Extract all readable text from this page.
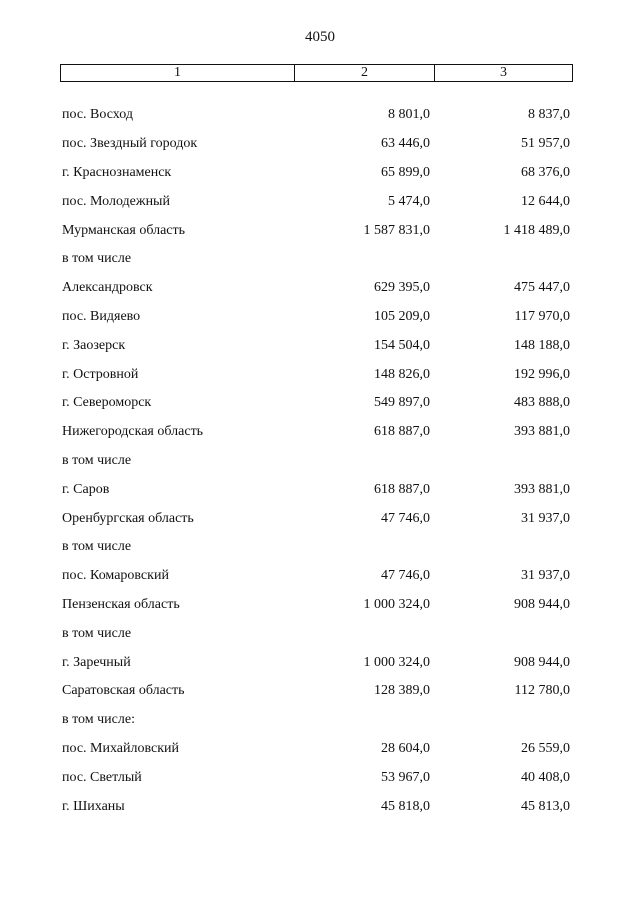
4050
1	2	3
пос. Восход	8 801,0	8 837,0
пос. Звездный городок	63 446,0	51 957,0
г. Краснознаменск	65 899,0	68 376,0
пос. Молодежный	5 474,0	12 644,0
Мурманская область	1 587 831,0	1 418 489,0
в том числе
Александровск	629 395,0	475 447,0
пос. Видяево	105 209,0	117 970,0
г. Заозерск	154 504,0	148 188,0
г. Островной	148 826,0	192 996,0
г. Североморск	549 897,0	483 888,0
Нижегородская область	618 887,0	393 881,0
в том числе
г. Саров	618 887,0	393 881,0
Оренбургская область	47 746,0	31 937,0
в том числе
пос. Комаровский	47 746,0	31 937,0
Пензенская область	1 000 324,0	908 944,0
в том числе
г. Заречный	1 000 324,0	908 944,0
Саратовская область	128 389,0	112 780,0
в том числе:
пос. Михайловский	28 604,0	26 559,0
пос. Светлый	53 967,0	40 408,0
г. Шиханы	45 818,0	45 813,0
